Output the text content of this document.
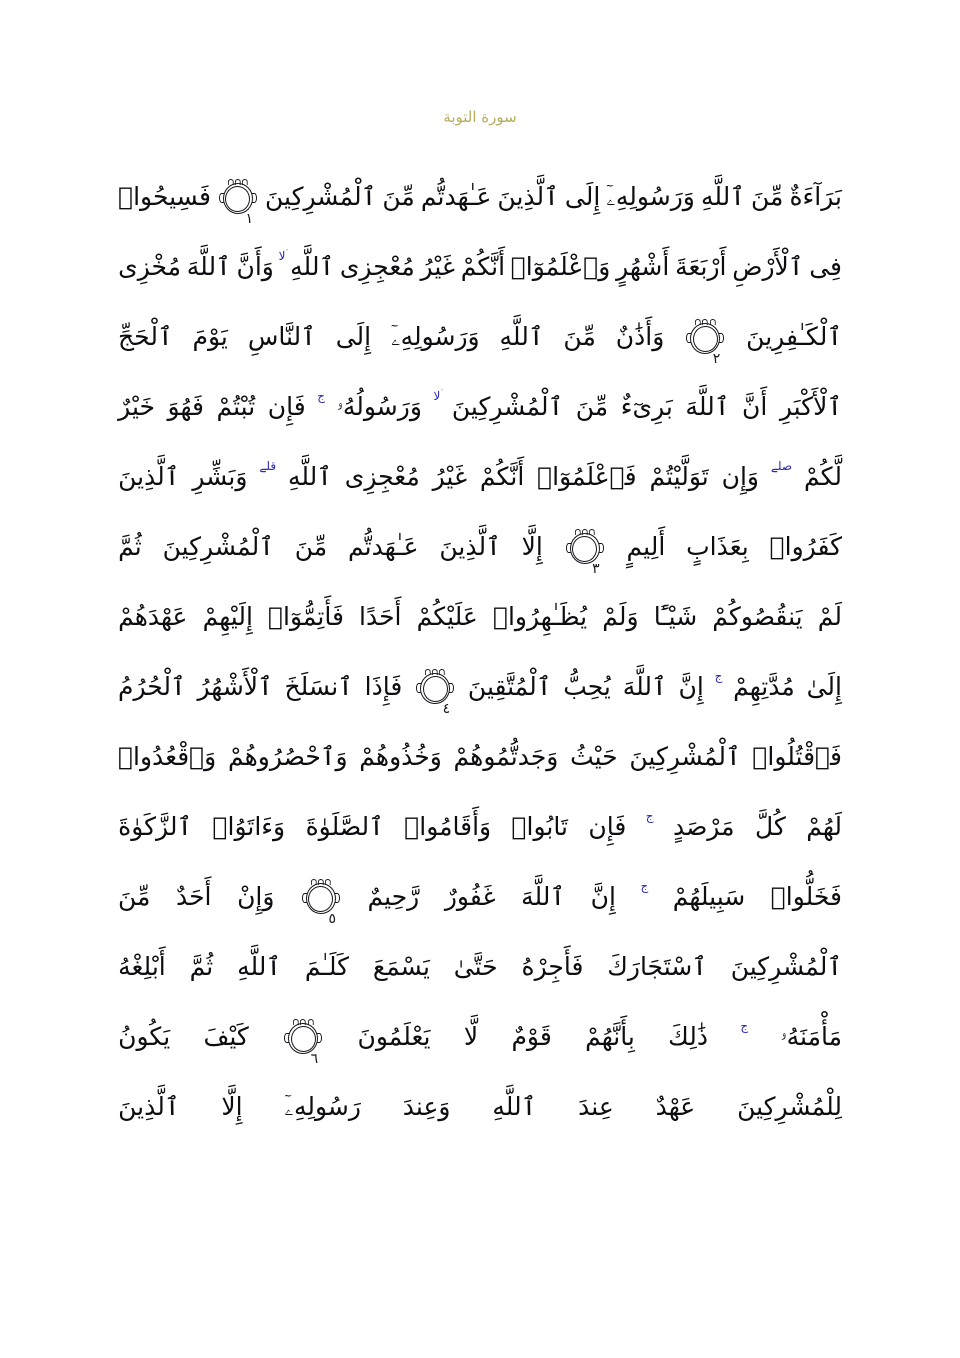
سورة التوبة
بَرَآءَةٌ
مِّنَ
ٱللَّهِ
وَرَسُولِهِۦٓ
إِلَى
ٱلَّذِينَ
عَـٰهَدتُّم
مِّنَ
ٱلْمُشْرِكِينَ
١
فَسِيحُوا۟
فِى
ٱلْأَرْضِ
أَرْبَعَةَ
أَشْهُرٍ
وَٱعْلَمُوٓا۟
أَنَّكُمْ
غَيْرُ
مُعْجِزِى
ٱللَّهِ
ۤلا
وَأَنَّ
ٱللَّهَ
مُخْزِى
ٱلْكَـٰفِرِينَ
٢
وَأَذَٰنٌ
مِّنَ
ٱللَّهِ
وَرَسُولِهِۦٓ
إِلَى
ٱلنَّاسِ
يَوْمَ
ٱلْحَجِّ
ٱلْأَكْبَرِ
أَنَّ
ٱللَّهَ
بَرِىٓءٌ
مِّنَ
ٱلْمُشْرِكِينَ
ۤلا
وَرَسُولُهُۥ
ج
فَإِن
تُبْتُمْ
فَهُوَ
خَيْرٌ
لَّكُمْ
صلے
وَإِن
تَوَلَّيْتُمْ
فَٱعْلَمُوٓا۟
أَنَّكُمْ
غَيْرُ
مُعْجِزِى
ٱللَّهِ
قلے
وَبَشِّرِ
ٱلَّذِينَ
كَفَرُوا۟
بِعَذَابٍ
أَلِيمٍ
٣
إِلَّا
ٱلَّذِينَ
عَـٰهَدتُّم
مِّنَ
ٱلْمُشْرِكِينَ
ثُمَّ
لَمْ
يَنقُصُوكُمْ
شَيْـًٔا
وَلَمْ
يُظَـٰهِرُوا۟
عَلَيْكُمْ
أَحَدًا
فَأَتِمُّوٓا۟
إِلَيْهِمْ
عَهْدَهُمْ
إِلَىٰ
مُدَّتِهِمْ
ج
إِنَّ
ٱللَّهَ
يُحِبُّ
ٱلْمُتَّقِينَ
٤
فَإِذَا
ٱنسَلَخَ
ٱلْأَشْهُرُ
ٱلْحُرُمُ
فَٱقْتُلُوا۟
ٱلْمُشْرِكِينَ
حَيْثُ
وَجَدتُّمُوهُمْ
وَخُذُوهُمْ
وَٱحْصُرُوهُمْ
وَٱقْعُدُوا۟
لَهُمْ
كُلَّ
مَرْصَدٍ
ج
فَإِن
تَابُوا۟
وَأَقَامُوا۟
ٱلصَّلَوٰةَ
وَءَاتَوُا۟
ٱلزَّكَوٰةَ
فَخَلُّوا۟
سَبِيلَهُمْ
ج
إِنَّ
ٱللَّهَ
غَفُورٌ
رَّحِيمٌ
٥
وَإِنْ
أَحَدٌ
مِّنَ
ٱلْمُشْرِكِينَ
ٱسْتَجَارَكَ
فَأَجِرْهُ
حَتَّىٰ
يَسْمَعَ
كَلَـٰمَ
ٱللَّهِ
ثُمَّ
أَبْلِغْهُ
مَأْمَنَهُۥ
ج
ذَٰلِكَ
بِأَنَّهُمْ
قَوْمٌ
لَّا
يَعْلَمُونَ
٦
كَيْفَ
يَكُونُ
لِلْمُشْرِكِينَ
عَهْدٌ
عِندَ
ٱللَّهِ
وَعِندَ
رَسُولِهِۦٓ
إِلَّا
ٱلَّذِينَ
